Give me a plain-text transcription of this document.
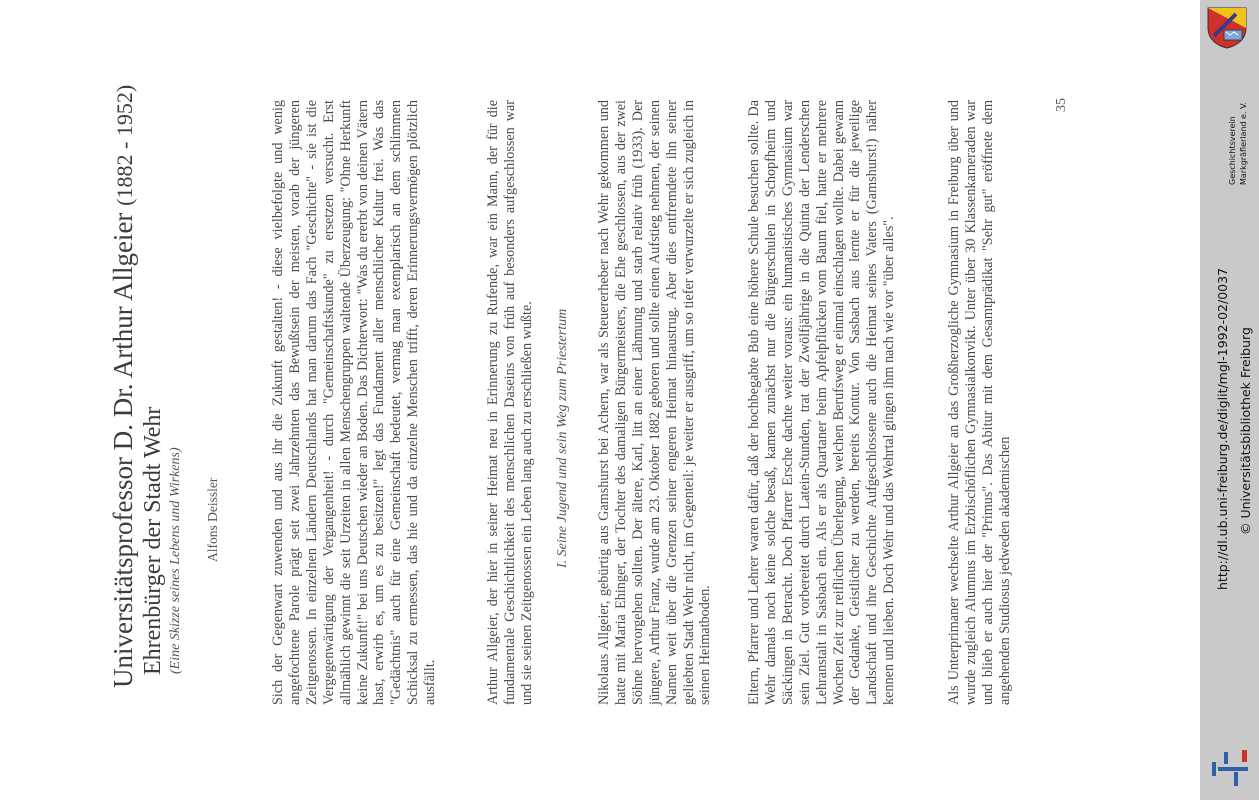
Universitätsprofessor D. Dr. Arthur Allgeier (1882 - 1952)
Ehrenbürger der Stadt Wehr (Eine Skizze seines Lebens und Wirkens) Alfons Deissler	Sich der Gegenwart zuwenden und aus ihr die Zukunft gestalten! - diese vielbefolgte und wenig angefochtene Parole prägt seit zwei Jahrzehnten das Bewußtsein der meisten, vorab der jüngeren Zeitgenossen. In einzelnen Ländern Deutschlands hat man darum das Fach "Geschichte" - sie ist die Vergegenwärtigung der Vergangenheit! - durch "Gemeinschaftskunde" zu ersetzen versucht. Erst allmählich gewinnt die seit Urzeiten in allen Menschengruppen waltende Überzeugung: "Ohne Herkunft keine Zukunft!" bei uns Deutschen wieder an Boden. Das Dichterwort: "Was du ererbt von deinen Vätern hast, erwirb es, um es zu besitzen!" legt das Fundament aller menschlicher Kultur frei. Was das "Gedächtnis" auch für eine Gemeinschaft bedeutet, vermag man exemplarisch an dem schlimmen Schicksal zu ermessen, das hie und da einzelne Menschen trifft, deren Erinnerungsvermögen plötzlich ausfällt.	Arthur Allgeier, der hier in seiner Heimat neu in Erinnerung zu Rufende, war ein Mann, der für die fundamentale Geschichtlichkeit des menschlichen Daseins von früh auf besonders aufgeschlossen war und sie seinen Zeitgenossen ein Leben lang auch zu erschließen wußte. I. Seine Jugend und sein Weg zum Priestertum Nikolaus Allgeier, gebürtig aus Gamshurst bei Achern, war als Steuererheber nach Wehr gekommen und hatte mit Maria Ehinger, der Tochter des damaligen Bürgermeisters, die Ehe geschlossen, aus der zwei Söhne hervorgehen sollten. Der ältere, Karl, litt an einer Lähmung und starb relativ früh (1933). Der jüngere, Arthur Franz, wurde am 23. Oktober 1882 geboren und sollte einen Aufstieg nehmen, der seinen Namen weit über die Grenzen seiner engeren Heimat hinaustrug. Aber dies entfremdete ihn seiner geliebten Stadt Wehr nicht, im Gegenteil: je weiter er ausgriff, um so tiefer verwurzelte er sich zugleich in seinen Heimatboden. Eltern, Pfarrer und Lehrer waren dafür, daß der hochbegabte Bub eine höhere Schule besuchen sollte. Da Wehr damals noch keine solche besaß, kamen zunächst nur die Bürgerschulen in Schopfheim und Säckingen in Betracht. Doch Pfarrer Ersche dachte weiter voraus: ein humanistisches Gymnasium war sein Ziel. Gut vorbereitet durch Latein-Stunden, trat der Zwölfjährige in die Quinta der Lenderschen Lehranstalt in Sasbach ein. Als er als Quartaner beim Apfelpflücken vom Baum fiel, hatte er mehrere Wochen Zeit zur reiflichen Überlegung, welchen Berufsweg er einmal einschlagen wollte. Dabei gewann der Gedanke, Geistlicher zu werden, bereits Kontur. Von Sasbach aus lernte er für die jeweilige Landschaft und ihre Geschichte Aufgeschlossene auch die Heimat seines Vaters (Gamshurst!) näher kennen und lieben. Doch Wehr und das Wehrtal gingen ihm nach wie vor "über alles".	Als Unterprimaner wechselte Arthur Allgeier an das Großherzogliche Gymnasium in Freiburg über und wurde zugleich Alumnus im Erzbischöflichen Gymnasialkonvikt. Unter über 30 Klassenkameraden war und blieb er auch hier der "Primus". Das Abitur mit dem Gesamtprädikat "Sehr gut" eröffnete dem angehenden Studiosus jedweden akademischen
35
Geschichtsverein Markgräflerland e. V.
http://dl.ub.uni-freiburg.de/diglit/mgl-1992-02/0037 © Universitätsbibliothek Freiburg
